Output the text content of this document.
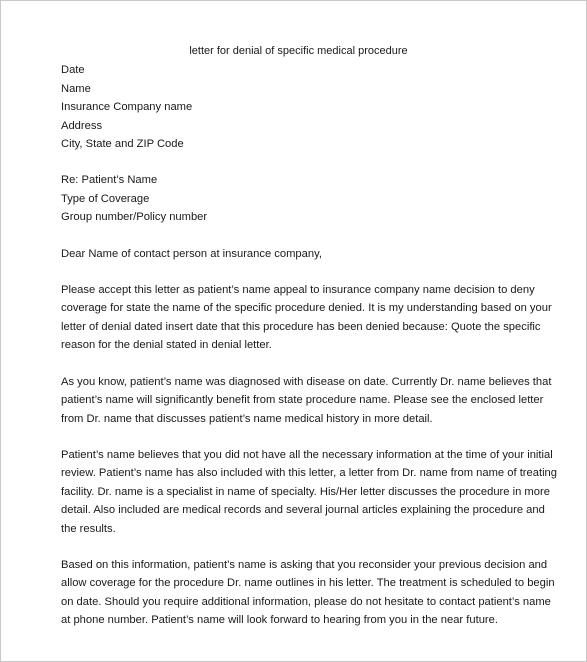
letter for denial of specific medical procedure
Date
Name
Insurance Company name
Address
City, State and ZIP Code
Re: Patient’s Name
Type of Coverage
Group number/Policy number
Dear Name of contact person at insurance company,

Please accept this letter as patient’s name appeal to insurance company name decision to deny
coverage for state the name of the specific procedure denied. It is my understanding based on your
letter of denial dated insert date that this procedure has been denied because: Quote the specific
reason for the denial stated in denial letter.

As you know, patient’s name was diagnosed with disease on date. Currently Dr. name believes that
patient’s name will significantly benefit from state procedure name. Please see the enclosed letter
from Dr. name that discusses patient’s name medical history in more detail.

Patient’s name believes that you did not have all the necessary information at the time of your initial
review. Patient’s name has also included with this letter, a letter from Dr. name from name of treating
facility. Dr. name is a specialist in name of specialty. His/Her letter discusses the procedure in more
detail. Also included are medical records and several journal articles explaining the procedure and
the results.

Based on this information, patient’s name is asking that you reconsider your previous decision and
allow coverage for the procedure Dr. name outlines in his letter. The treatment is scheduled to begin
on date. Should you require additional information, please do not hesitate to contact patient’s name
at phone number. Patient’s name will look forward to hearing from you in the near future.
